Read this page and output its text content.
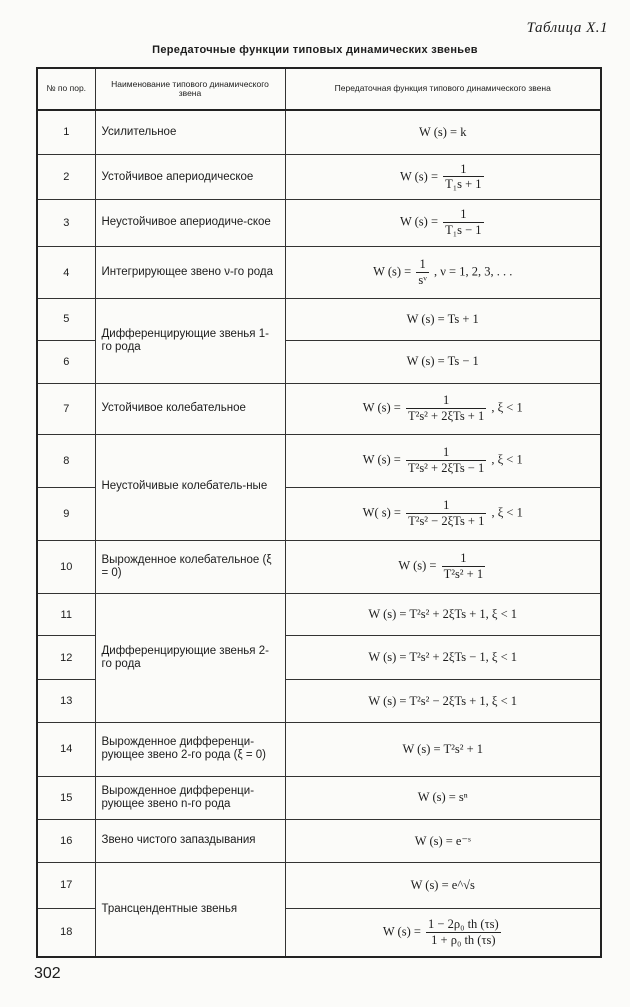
Таблица X.1
Передаточные функции типовых динамических звеньев
№ по пор.	Наименование типового динамического звена	Передаточная функция типового динамического звена
1	Усилительное	W (s) = k
2	Устойчивое апериодическое	W $(s) = \frac{1}{\text{T₁s + 1}}$

3	Неустойчивое апериодиче-ское	W $(s) = \frac{1}{\text{T₁s − 1}}$

4	Интегрирующее звено ν-го рода	W $(s) = \frac{1}{\text{sᵛ}}$ , ν = 1, 2, 3, . . .
5	Дифференцирующие звенья 1-го рода	W (s) = Ts + 1
6		W (s) = Ts − 1
7	Устойчивое колебательное	W $(s) = \frac{1}{\text{T²s² + 2ξTs + 1}}$ , ξ < 1
8	Неустойчивые колебатель-ные	W $(s) = \frac{1}{\text{T²s² + 2ξTs − 1}}$ , ξ < 1
9		W( $s) = \frac{1}{\text{T²s² − 2ξTs + 1}}$ , ξ < 1
10	Вырожденное колебательное (ξ = 0)	W $(s) = \frac{1}{\text{T²s² + 1}}$

11	Дифференцирующие звенья 2-го рода	W (s) = T²s² + 2ξTs + 1, ξ < 1
12		W (s) = T²s² + 2ξTs − 1, ξ < 1
13		W (s) = T²s² − 2ξTs + 1, ξ < 1
14	Вырожденное дифференци-рующее звено 2-го рода (ξ = 0)	W (s) = T²s² + 1
15	Вырожденное дифференци-рующее звено n-го рода	W (s) = sⁿ
16	Звено чистого запаздывания	W (s) = e⁻ˢ
17	Трансцендентные звенья	W (s) = e^√s
18		W $(s) = \frac{\text{1 − 2ρ₀ th (τs)}}{\text{1 + ρ₀ th (τs)}}$
302
